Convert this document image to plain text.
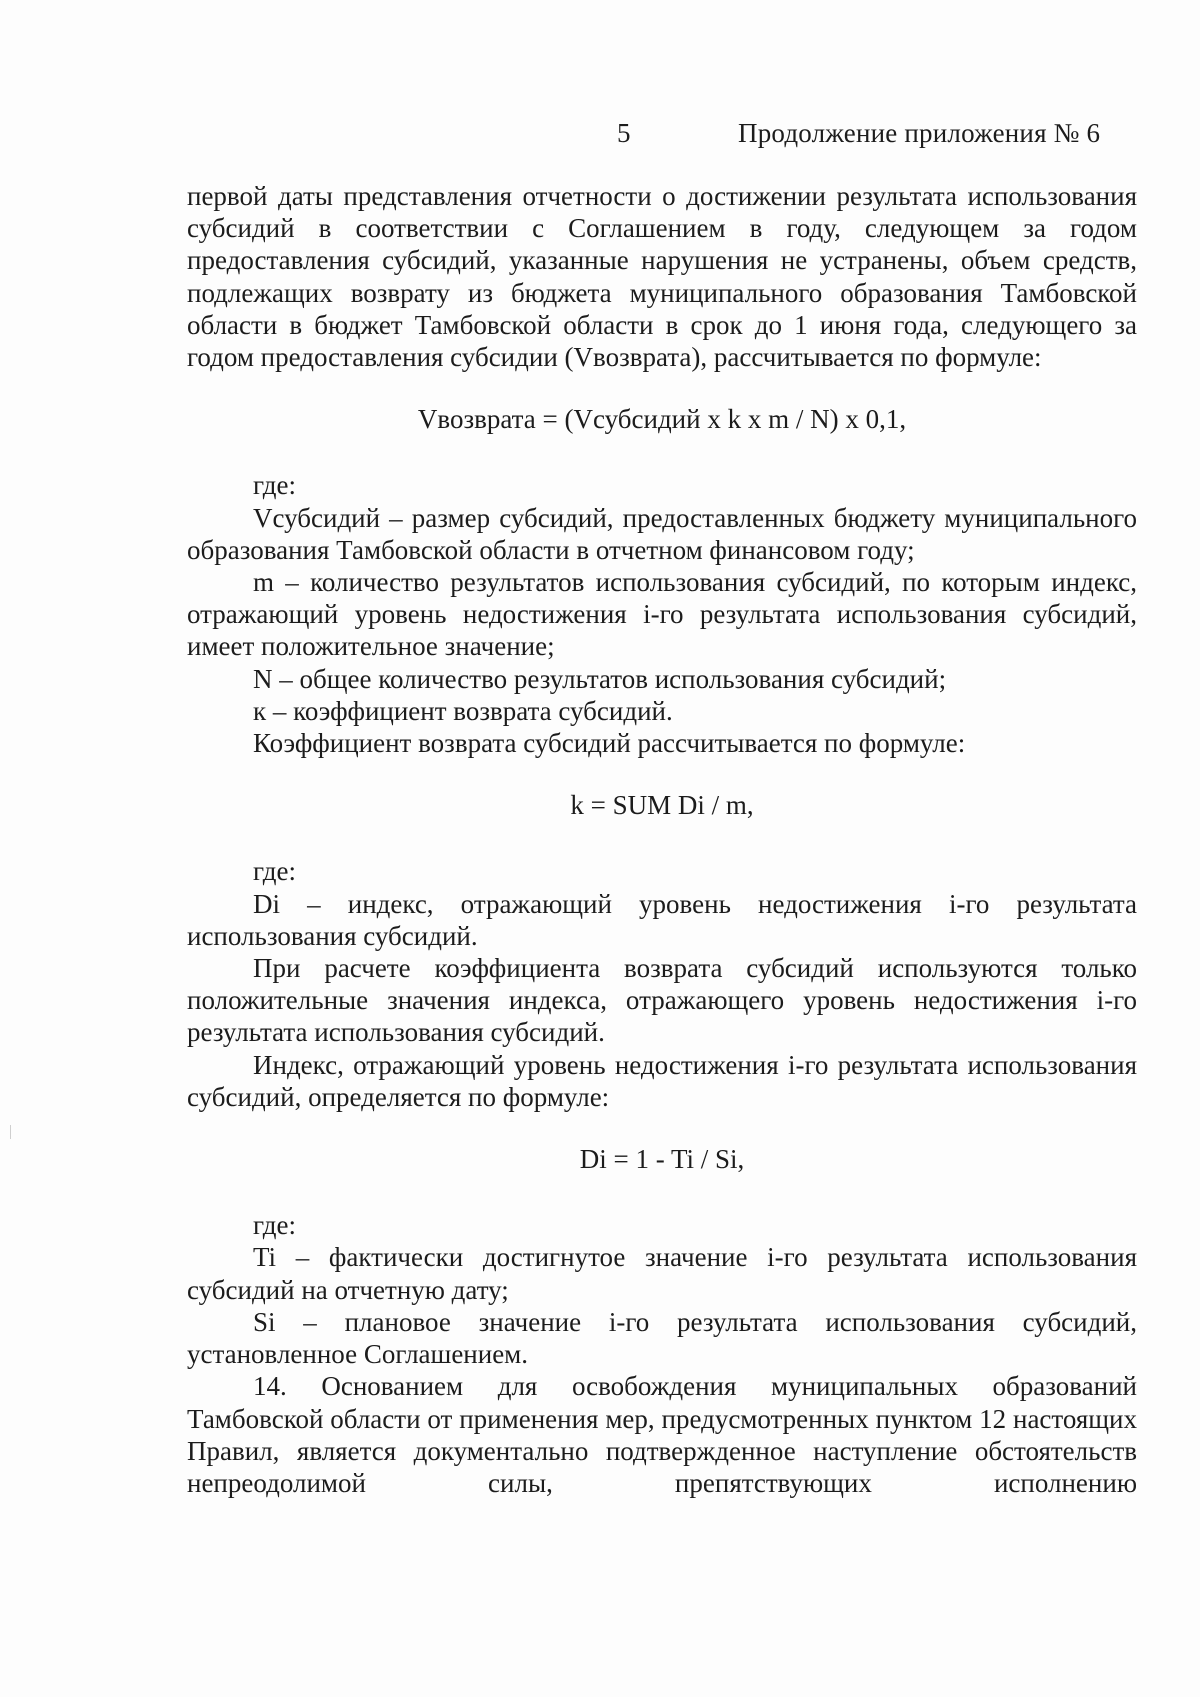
5	Продолжение приложения № 6

первой даты представления отчетности о достижении результата использования субсидий в соответствии с Соглашением в году, следующем за годом предоставления субсидий, указанные нарушения не устранены, объем средств, подлежащих возврату из бюджета муниципального образования Тамбовской области в бюджет Тамбовской области в срок до 1 июня года, следующего за годом предоставления субсидии (Vвозврата), рассчитывается по формуле:

Vвозврата = (Vсубсидий x k x m / N) x 0,1,

где:

Vсубсидий – размер субсидий, предоставленных бюджету муниципального образования Тамбовской области в отчетном финансовом году;

m – количество результатов использования субсидий, по которым индекс, отражающий уровень недостижения i-го результата использования субсидий, имеет положительное значение;

N – общее количество результатов использования субсидий;

к – коэффициент возврата субсидий.

Коэффициент возврата субсидий рассчитывается по формуле:

k = SUM Di / m,

где:

Di – индекс, отражающий уровень недостижения i-го результата использования субсидий.

При расчете коэффициента возврата субсидий используются только положительные значения индекса, отражающего уровень недостижения i-го результата использования субсидий.

Индекс, отражающий уровень недостижения i-го результата использования субсидий, определяется по формуле:

Di = 1 - Ti / Si,

где:

Ti – фактически достигнутое значение i-го результата использования субсидий на отчетную дату;

Si – плановое значение i-го результата использования субсидий, установленное Соглашением.

14. Основанием для освобождения муниципальных образований Тамбовской области от применения мер, предусмотренных пунктом 12 настоящих Правил, является документально подтвержденное наступление обстоятельств непреодолимой силы, препятствующих исполнению
